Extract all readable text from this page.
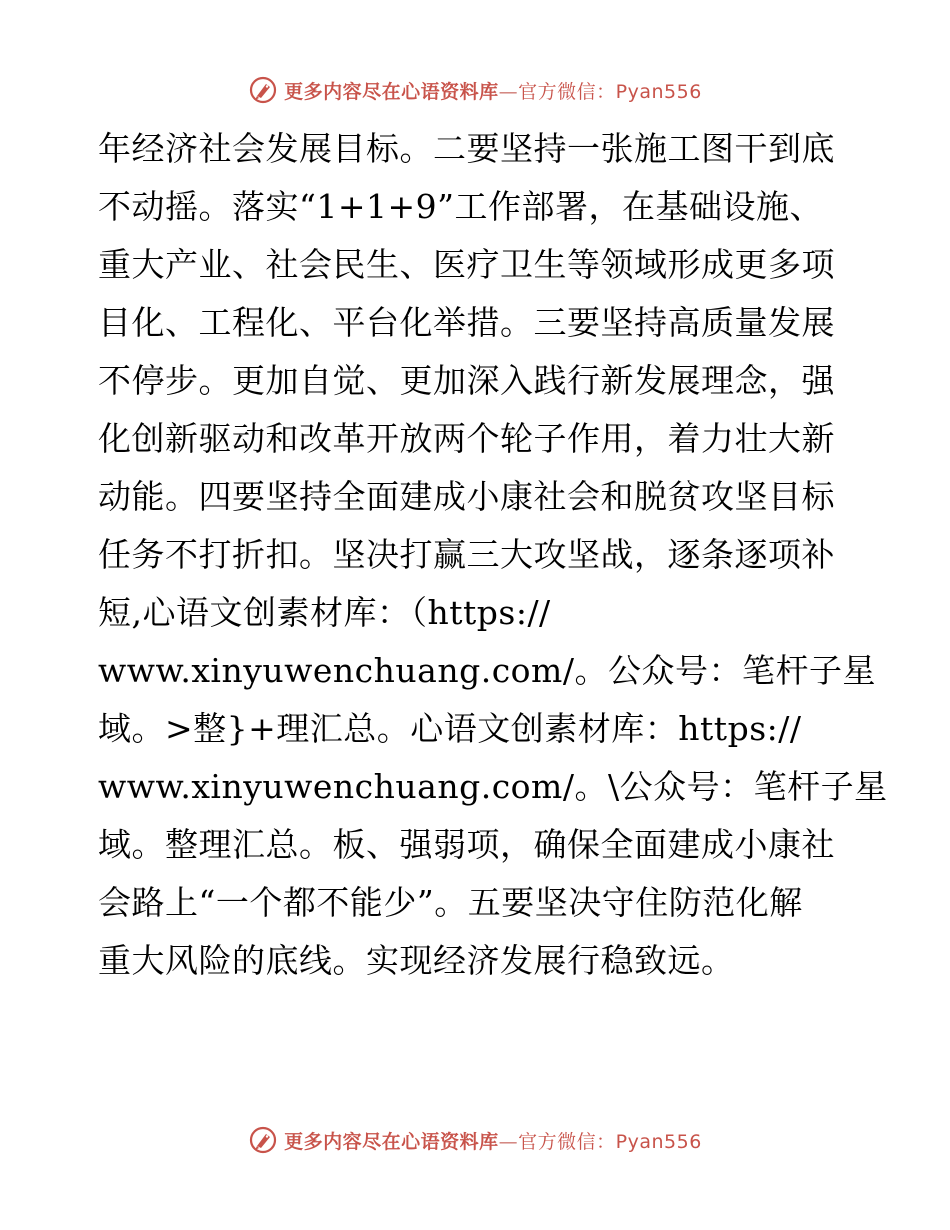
更多内容尽在心语资料库—官方微信：Pyan556
年经济社会发展目标。二要坚持一张施工图干到底
不动摇。落实“1+1+9”工作部署，在基础设施、
重大产业、社会民生、医疗卫生等领域形成更多项
目化、工程化、平台化举措。三要坚持高质量发展
不停步。更加自觉、更加深入践行新发展理念，强
化创新驱动和改革开放两个轮子作用，着力壮大新
动能。四要坚持全面建成小康社会和脱贫攻坚目标
任务不打折扣。坚决打赢三大攻坚战，逐条逐项补
短,心语文创素材库：（https://
www.xinyuwenchuang.com/。公众号：笔杆子星
域。>整}+理汇总。心语文创素材库：https://
www.xinyuwenchuang.com/。\公众号：笔杆子星
域。整理汇总。板、强弱项，确保全面建成小康社
会路上“一个都不能少”。五要坚决守住防范化解
重大风险的底线。实现经济发展行稳致远。
更多内容尽在心语资料库—官方微信：Pyan556
